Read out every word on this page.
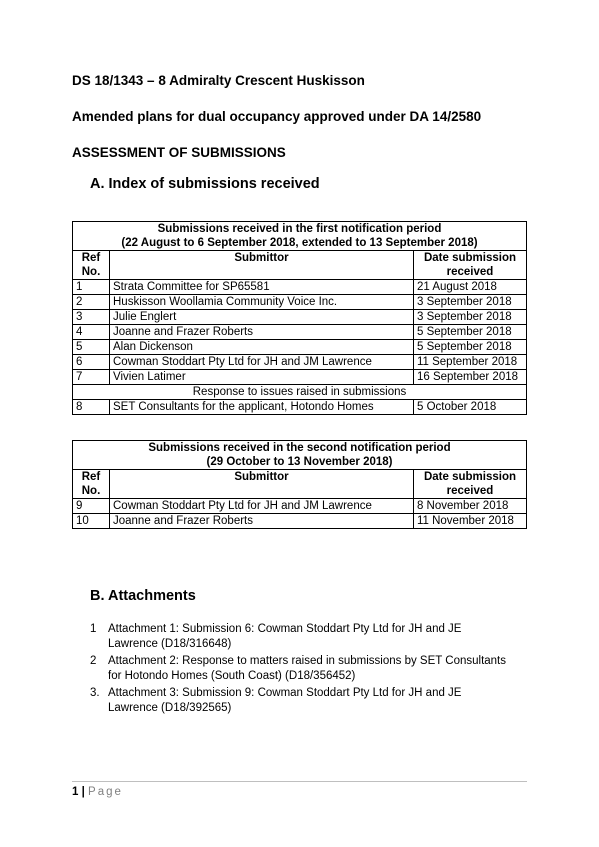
DS 18/1343 – 8 Admiralty Crescent Huskisson

Amended plans for dual occupancy approved under DA 14/2580

ASSESSMENT OF SUBMISSIONS

A. Index of submissions received

Submissions received in the first notification period
(22 August to 6 September 2018, extended to 13 September 2018)		
Ref No.	Submittor	Date submission received
1	Strata Committee for SP65581	21 August 2018
2	Huskisson Woollamia Community Voice Inc.	3 September 2018
3	Julie Englert	3 September 2018
4	Joanne and Frazer Roberts	5 September 2018
5	Alan Dickenson	5 September 2018
6	Cowman Stoddart Pty Ltd for JH and JM Lawrence	11 September 2018
7	Vivien Latimer	16 September 2018
Response to issues raised in submissions		
8	SET Consultants for the applicant, Hotondo Homes	5 October 2018
Submissions received in the second notification period
(29 October to 13 November 2018)		
Ref No.	Submittor	Date submission received
9	Cowman Stoddart Pty Ltd for JH and JM Lawrence	8 November 2018
10	Joanne and Frazer Roberts	11 November 2018

B. Attachments

1 Attachment 1: Submission 6: Cowman Stoddart Pty Ltd for JH and JE Lawrence (D18/316648)
2 Attachment 2: Response to matters raised in submissions by SET Consultants for Hotondo Homes (South Coast) (D18/356452)
3. Attachment 3: Submission 9: Cowman Stoddart Pty Ltd for JH and JE Lawrence (D18/392565)
1 | Page
